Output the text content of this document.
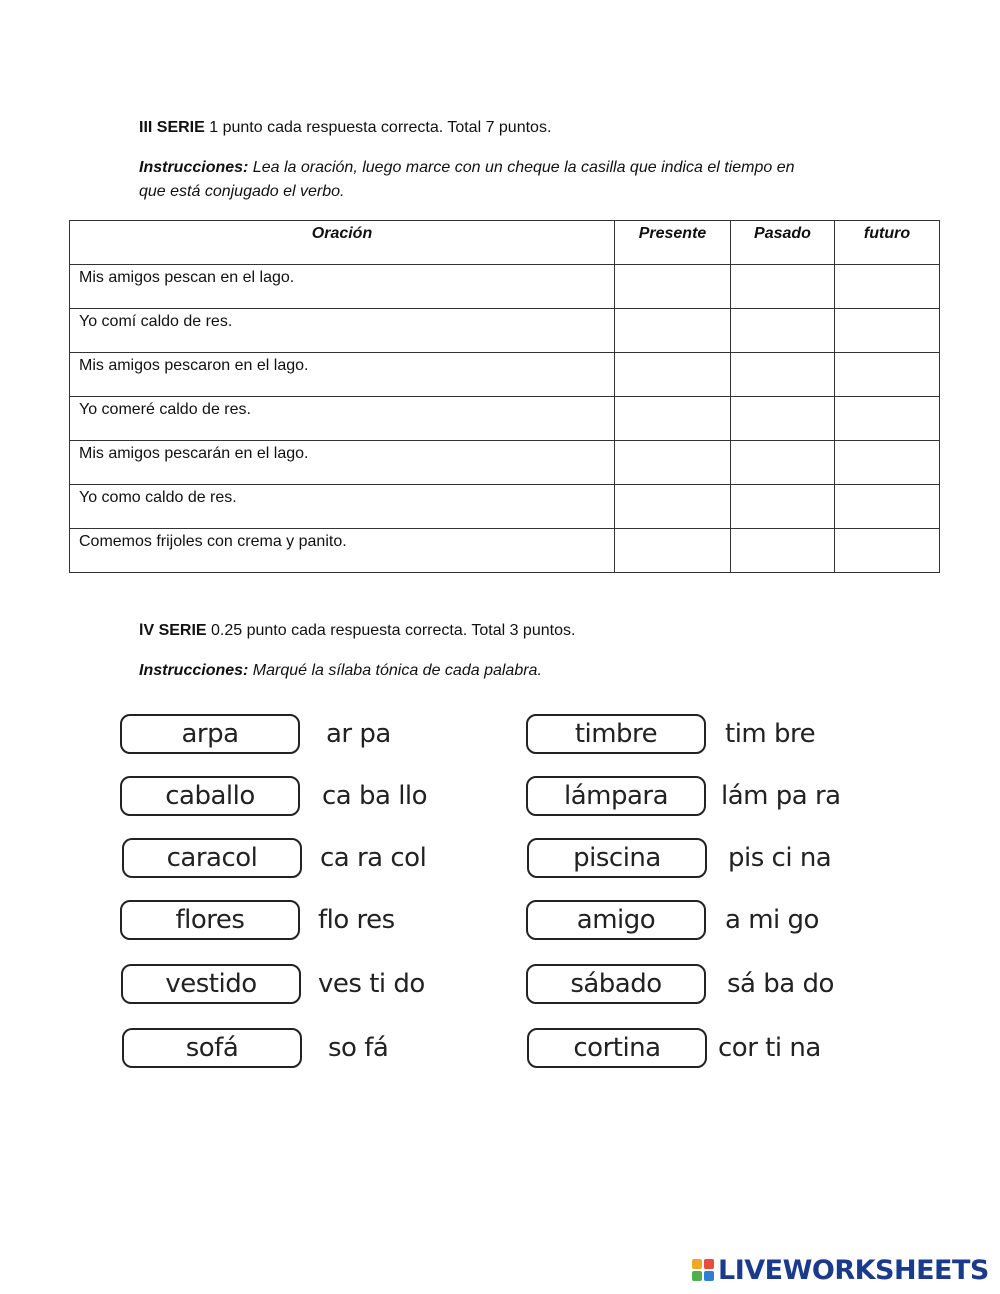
III SERIE 1 punto cada respuesta correcta. Total 7 puntos.
Instrucciones: Lea la oración, luego marce con un cheque la casilla que indica el tiempo en
que está conjugado el verbo.
Oración	Presente	Pasado	futuro
Mis amigos pescan en el lago.			
Yo comí caldo de res.			
Mis amigos pescaron en el lago.			
Yo comeré caldo de res.			
Mis amigos pescarán en el lago.			
Yo como caldo de res.			
Comemos frijoles con crema y panito.			
lV SERIE 0.25 punto cada respuesta correcta. Total 3 puntos.
Instrucciones: Marqué la sílaba tónica de cada palabra.
arpa	ar pa
caballo	ca ba llo
caracol	ca ra col
flores	flo res
vestido	ves ti do
sofá	so fá
timbre	tim bre
lámpara	lám pa ra
piscina	pis ci na
amigo	a mi go
sábado	sá ba do
cortina	cor ti na
LIVEWORKSHEETS
